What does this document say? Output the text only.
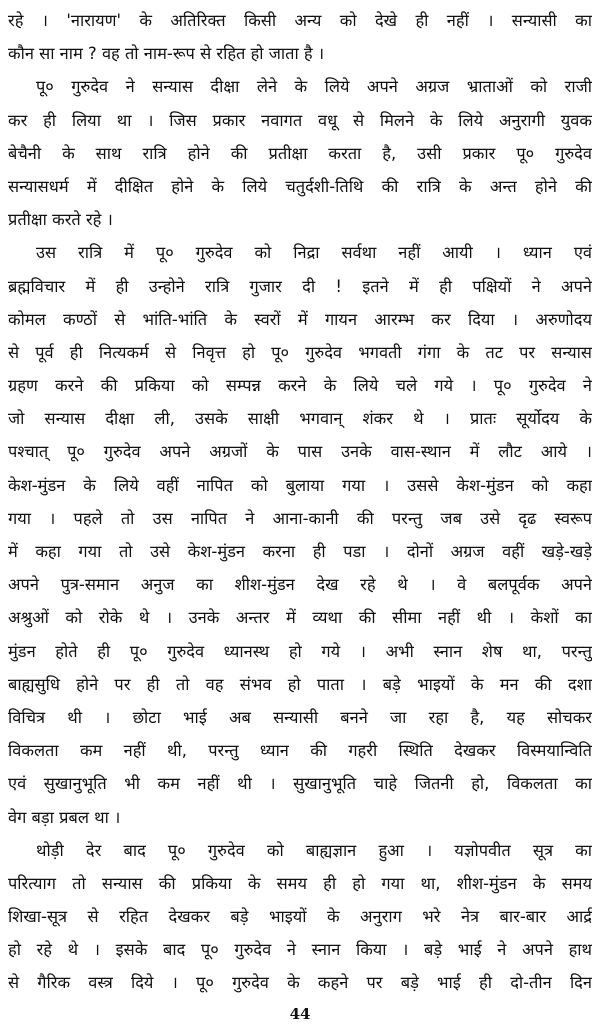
रहे । 'नारायण' के अतिरिक्त किसी अन्य को देखे ही नहीं । सन्यासी का
कौन सा नाम ? वह तो नाम-रूप से रहित हो जाता है ।
पू० गुरुदेव ने सन्यास दीक्षा लेने के लिये अपने अग्रज भ्राताओं को राजी
कर ही लिया था । जिस प्रकार नवागत वधू से मिलने के लिये अनुरागी युवक
बेचैनी के साथ रात्रि होने की प्रतीक्षा करता है, उसी प्रकार पू० गुरुदेव
सन्यासधर्म में दीक्षित होने के लिये चतुर्दशी-तिथि की रात्रि के अन्त होने की
प्रतीक्षा करते रहे ।
उस रात्रि में पू० गुरुदेव को निद्रा सर्वथा नहीं आयी । ध्यान एवं
ब्रह्मविचार में ही उन्होने रात्रि गुजार दी ! इतने में ही पक्षियों ने अपने
कोमल कण्ठों से भांति-भांति के स्वरों में गायन आरम्भ कर दिया । अरुणोदय
से पूर्व ही नित्यकर्म से निवृत्त हो पू० गुरुदेव भगवती गंगा के तट पर सन्यास
ग्रहण करने की प्रकिया को सम्पन्न करने के लिये चले गये । पू० गुरुदेव ने
जो सन्यास दीक्षा ली, उसके साक्षी भगवान् शंकर थे । प्रातः सूर्योदय के
पश्चात् पू० गुरुदेव अपने अग्रजों के पास उनके वास-स्थान में लौट आये ।
केश-मुंडन के लिये वहीं नापित को बुलाया गया । उससे केश-मुंडन को कहा
गया । पहले तो उस नापित ने आना-कानी की परन्तु जब उसे दृढ स्वरूप
में कहा गया तो उसे केश-मुंडन करना ही पडा । दोनों अग्रज वहीं खड़े-खड़े
अपने पुत्र-समान अनुज का शीश-मुंडन देख रहे थे । वे बलपूर्वक अपने
अश्रुओं को रोके थे । उनके अन्तर में व्यथा की सीमा नहीं थी । केशों का
मुंडन होते ही पू० गुरुदेव ध्यानस्थ हो गये । अभी स्नान शेष था, परन्तु
बाह्यसुधि होने पर ही तो वह संभव हो पाता । बड़े भाइयों के मन की दशा
विचित्र थी । छोटा भाई अब सन्यासी बनने जा रहा है, यह सोचकर
विकलता कम नहीं थी, परन्तु ध्यान की गहरी स्थिति देखकर विस्मयान्विति
एवं सुखानुभूति भी कम नहीं थी । सुखानुभूति चाहे जितनी हो, विकलता का
वेग बड़ा प्रबल था ।
थोड़ी देर बाद पू० गुरुदेव को बाह्यज्ञान हुआ । यज्ञोपवीत सूत्र का
परित्याग तो सन्यास की प्रकिया के समय ही हो गया था, शीश-मुंडन के समय
शिखा-सूत्र से रहित देखकर बड़े भाइयों के अनुराग भरे नेत्र बार-बार आर्द्र
हो रहे थे । इसके बाद पू० गुरुदेव ने स्नान किया । बड़े भाई ने अपने हाथ
से गैरिक वस्त्र दिये । पू० गुरुदेव के कहने पर बड़े भाई ही दो-तीन दिन
44
